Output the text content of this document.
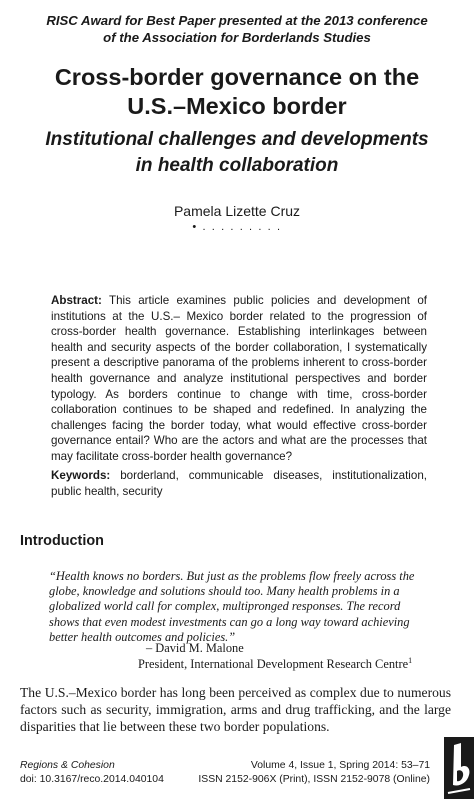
RISC Award for Best Paper presented at the 2013 conference
of the Association for Borderlands Studies
Cross-border governance on the
U.S.–Mexico border
Institutional challenges and developments
in health collaboration
Pamela Lizette Cruz
• . . . . . . . . .
Abstract: This article examines public policies and development of institutions at the U.S.– Mexico border related to the progression of cross-border health governance. Establishing interlinkages between health and security aspects of the border collaboration, I systematically present a descriptive panorama of the problems inherent to cross-border health governance and analyze institutional perspectives and border typology. As borders continue to change with time, cross-border collaboration continues to be shaped and redefined. In analyzing the challenges facing the border today, what would effective cross-border governance entail? Who are the actors and what are the processes that may facilitate cross-border health governance?
Keywords: borderland, communicable diseases, institutionalization, public health, security
Introduction
“Health knows no borders. But just as the problems flow freely across the globe, knowledge and solutions should too. Many health problems in a globalized world call for complex, multipronged responses. The record shows that even modest investments can go a long way toward achieving better health outcomes and policies.”
– David M. Malone
President, International Development Research Centre$^1$
The U.S.–Mexico border has long been perceived as complex due to numerous factors such as security, immigration, arms and drug trafficking, and the large disparities that lie between these two border populations.
Regions & Cohesion
doi: 10.3167/reco.2014.040104
Volume 4, Issue 1, Spring 2014: 53–71
ISSN 2152-906X (Print), ISSN 2152-9078 (Online)
